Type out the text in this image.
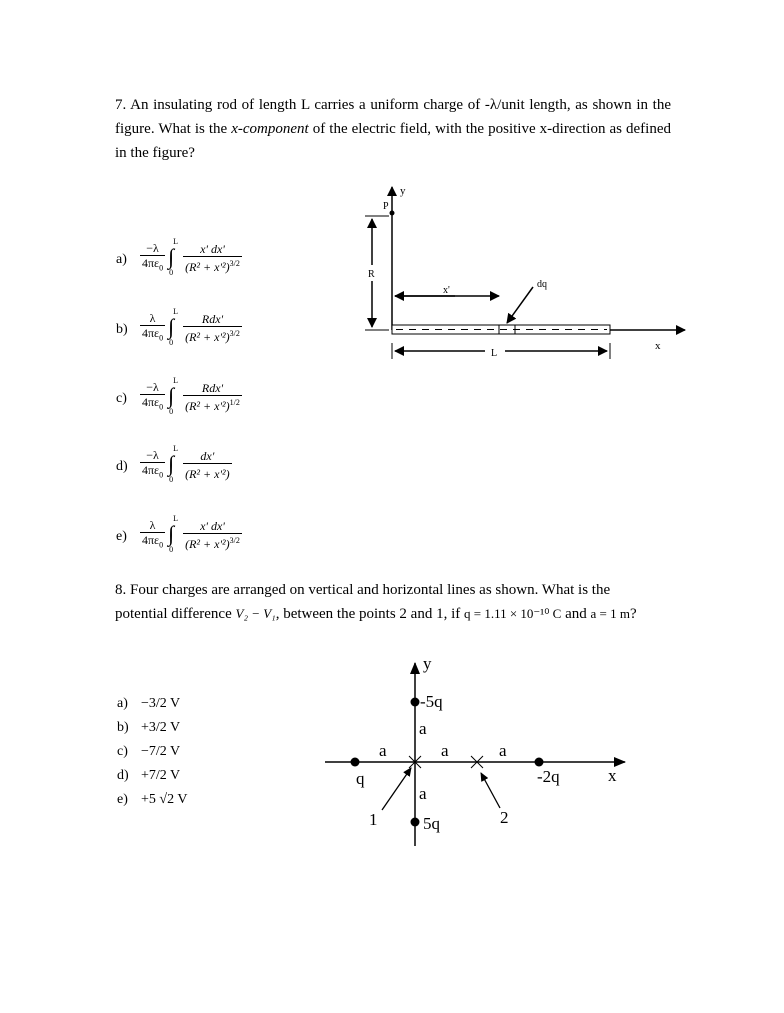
7. An insulating rod of length L carries a uniform charge of -λ/unit length, as shown in the figure. What is the x-component of the electric field, with the positive x-direction as defined in the figure?
$a) \frac{-\lambda}{4\pi\varepsilon_0}$ L
∫
$0 \frac{x' dx'}{(R^2 + x'^2)^{3/2}}$
$b) \frac{\lambda}{4\pi\varepsilon_0}$ L
∫
$0 \frac{\text{Rdx'}}{(R^2 + x'^2)^{3/2}}$
$c) \frac{-\lambda}{4\pi\varepsilon_0}$ L
∫
$0 \frac{\text{Rdx'}}{(R^2 + x'^2)^{1/2}}$
$d) \frac{-\lambda}{4\pi\varepsilon_0}$ L
∫
$0 \frac{dx'}{\text{(R² + x'²)}}$
$e) \frac{\lambda}{4\pi\varepsilon_0}$ L
∫
$0 \frac{x' dx'}{(R^2 + x'^2)^{3/2}}$
y
P
R
x'
x
dq
L
8. Four charges are arranged on vertical and horizontal lines as shown. What is the
potential difference V₂ − V₁, between the points 2 and 1, if q = 1.11 × 10⁻¹⁰ C and a = 1 m?
a) −3/2 V
b) +3/2 V
c) −7/2 V
d) +7/2 V
e) +5 √2 V
y
x
-5q
q	-2q
5q
a
a	a	a
a
1	2
